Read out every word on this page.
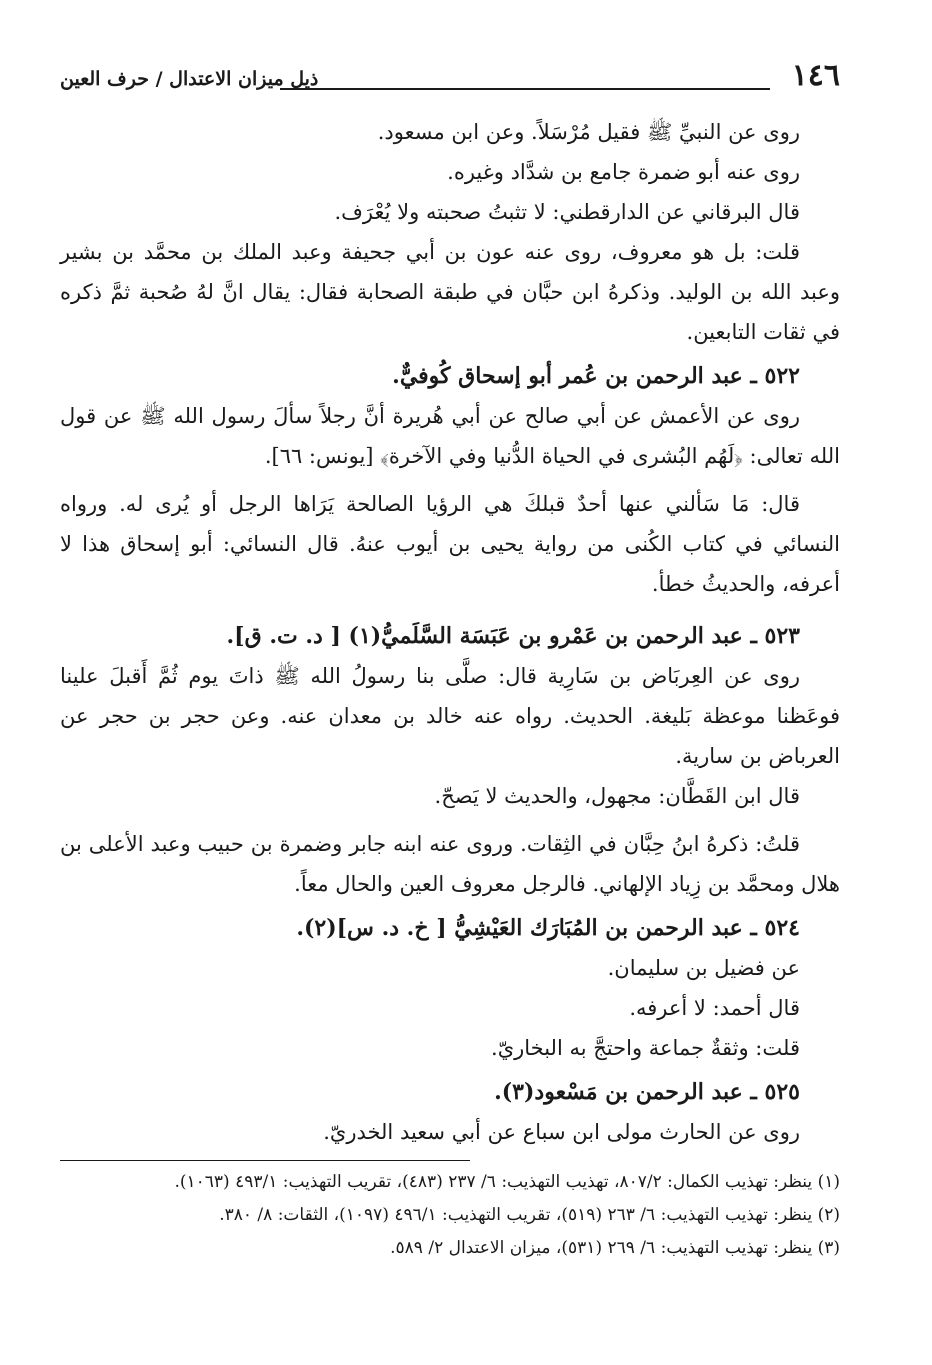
١٤٦
ذيل ميزان الاعتدال / حرف العين

روى عن النبيِّ ﷺ فقيل مُرْسَلاً. وعن ابن مسعود.

روى عنه أبو ضمرة جامع بن شدَّاد وغيره.

قال البرقاني عن الدارقطني: لا تثبتُ صحبته ولا يُعْرَف.

قلت: بل هو معروف، روى عنه عون بن أبي جحيفة وعبد الملك بن محمَّد بن بشير وعبد الله بن الوليد. وذكرهُ ابن حبَّان في طبقة الصحابة فقال: يقال انَّ لهُ صُحبة ثمَّ ذكره في ثقات التابعين.

٥٢٢ ـ عبد الرحمن بن عُمر أبو إسحاق كُوفيٌّ.

روى عن الأعمش عن أبي صالح عن أبي هُريرة أنَّ رجلاً سألَ رسول الله ﷺ عن قول الله تعالى: ﴿لَهُم البُشرى في الحياة الدُّنيا وفي الآخرة﴾ [يونس: ٦٦].

قال: مَا سَألني عنها أحدٌ قبلكَ هي الرؤيا الصالحة يَرَاها الرجل أو يُرى له. ورواه النسائي في كتاب الكُنى من رواية يحيى بن أيوب عنهُ. قال النسائي: أبو إسحاق هذا لا أعرفه، والحديثُ خطأ.

٥٢٣ ـ عبد الرحمن بن عَمْرو بن عَبَسَة السَّلَميُّ(١) [ د. ت. ق].

روى عن العِربَاض بن سَارِية قال: صلَّى بنا رسولُ الله ﷺ ذاتَ يوم ثُمَّ أَقبلَ علينا فوعَظنا موعظة بَليغة. الحديث. رواه عنه خالد بن معدان عنه. وعن حجر بن حجر عن العرباض بن سارية.

قال ابن القَطَّان: مجهول، والحديث لا يَصحّ.

قلتُ: ذكرهُ ابنُ حِبَّان في الثِقات. وروى عنه ابنه جابر وضمرة بن حبيب وعبد الأعلى بن هلال ومحمَّد بن زِياد الإلهاني. فالرجل معروف العين والحال معاً.

٥٢٤ ـ عبد الرحمن بن المُبَارَك العَيْشِيُّ [ خ. د. س](٢).

عن فضيل بن سليمان.

قال أحمد: لا أعرفه.

قلت: وثقةٌ جماعة واحتجَّ به البخاريّ.

٥٢٥ ـ عبد الرحمن بن مَسْعود(٣).

روى عن الحارث مولى ابن سباع عن أبي سعيد الخدريّ.

(١) ينظر: تهذيب الكمال: ٨٠٧/٢، تهذيب التهذيب: ٦/ ٢٣٧ (٤٨٣)، تقريب التهذيب: ٤٩٣/١ (١٠٦٣).

(٢) ينظر: تهذيب التهذيب: ٦/ ٢٦٣ (٥١٩)، تقريب التهذيب: ٤٩٦/١ (١٠٩٧)، الثقات: ٨/ ٣٨٠.

(٣) ينظر: تهذيب التهذيب: ٦/ ٢٦٩ (٥٣١)، ميزان الاعتدال ٢/ ٥٨٩.
